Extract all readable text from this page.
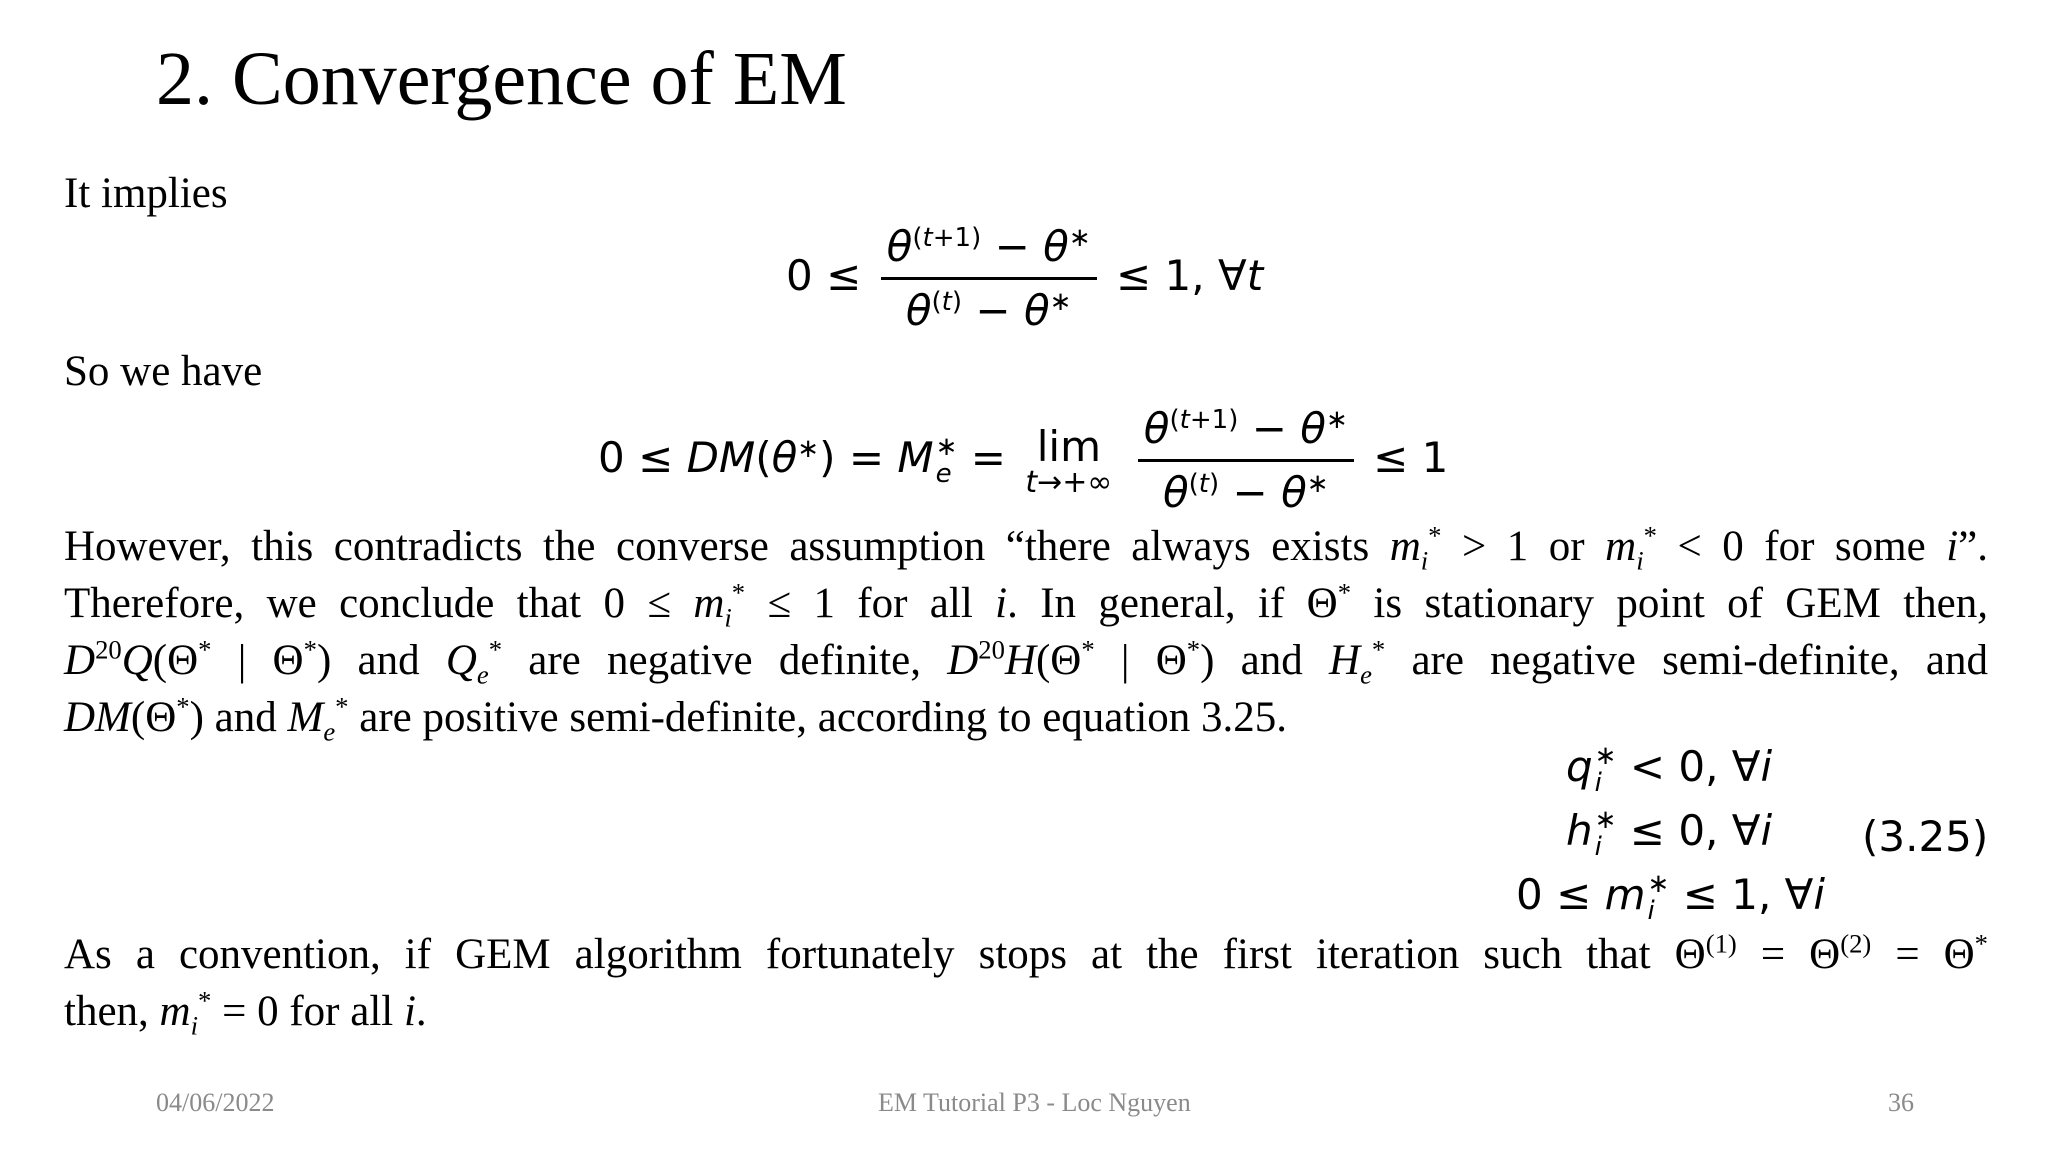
2. Convergence of EM
It implies
$0 \le \frac{\theta^{(t+1)} - \theta^∗}{\theta^{(t)} - \theta^∗} \le 1$, ∀t
So we have
0 ≤ DM(θ∗) = M ∗
e = lim
t→+∞
$\frac{\theta^{(t+1)} - \theta^∗}{\theta^{(t)} - \theta^∗} \le 1$
However, this contradicts the converse assumption “there always exists $m_i^* > 1$ or $m_i^* < 0$ for some i”.
Therefore, we conclude that $0 \le m_i^* \le 1$ for all i. In general, if Θ* is stationary point of GEM then,
$D^{20}Q(\Theta^*$ | Θ*) and $Q_e^*$ are negative definite, $D^{20}H(\Theta^*$ | Θ*) and $H_e^*$ are negative semi-definite, and
DM(Θ*) and $M_e^*$ are positive semi-definite, according to equation 3.25.
q ∗
i < 0, ∀i
h ∗
i ≤ 0, ∀i
0 ≤ m ∗
i ≤ 1, ∀i
(3.25)
As a convention, if GEM algorithm fortunately stops at the first iteration such that $\Theta^{(1)} = \Theta^{(2)} = \Theta^*$
then, $m_i^* = 0$ for all i.
04/06/2022	EM Tutorial P3 - Loc Nguyen	36
